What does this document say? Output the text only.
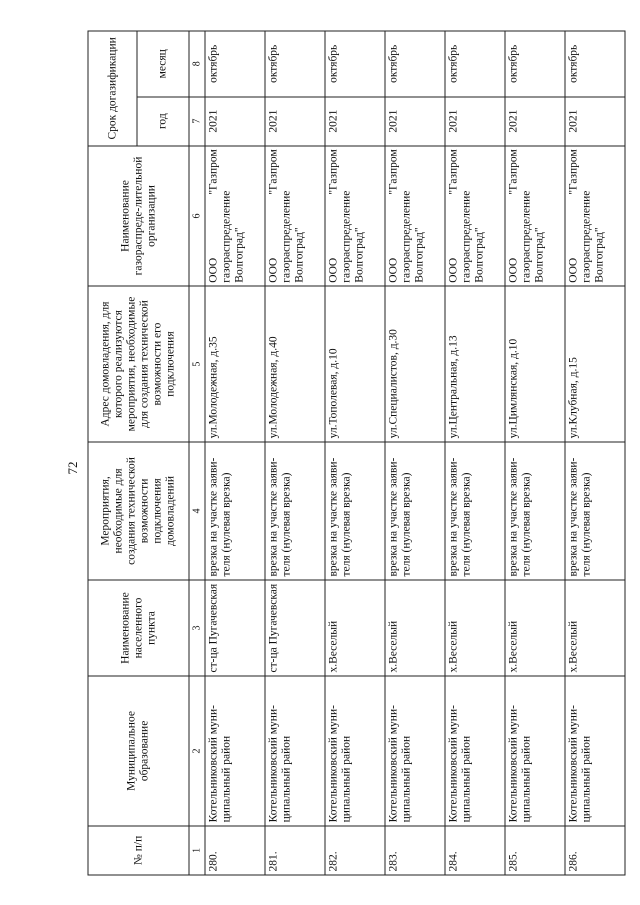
72
№ п/п	Муниципальное образование	Наименование населенного пункта	Мероприятия, необходимые для создания технической возможности подключения домовладений	Адрес домовладения, для которого реализуются мероприятия, необходимые для создания технической возможности его подключения	Наименование газораспреде-лительной организации	Срок догазификации	
						год	месяц
1	2	3	4	5	6	7	8
280.	Котельниковский муни-ципальный район	ст-ца Пугачевская	врезка на участке заяви-теля (нулевая врезка)	ул.Молодежная, д.35	ООО "Газпром газораспределение Волгоград"	2021	октябрь
281.	Котельниковский муни-ципальный район	ст-ца Пугачевская	врезка на участке заяви-теля (нулевая врезка)	ул.Молодежная, д.40	ООО "Газпром газораспределение Волгоград"	2021	октябрь
282.	Котельниковский муни-ципальный район	х.Веселый	врезка на участке заяви-теля (нулевая врезка)	ул.Тополевая, д.10	ООО "Газпром газораспределение Волгоград"	2021	октябрь
283.	Котельниковский муни-ципальный район	х.Веселый	врезка на участке заяви-теля (нулевая врезка)	ул.Специалистов, д.30	ООО "Газпром газораспределение Волгоград"	2021	октябрь
284.	Котельниковский муни-ципальный район	х.Веселый	врезка на участке заяви-теля (нулевая врезка)	ул.Центральная, д.13	ООО "Газпром газораспределение Волгоград"	2021	октябрь
285.	Котельниковский муни-ципальный район	х.Веселый	врезка на участке заяви-теля (нулевая врезка)	ул.Цимлянская, д.10	ООО "Газпром газораспределение Волгоград"	2021	октябрь
286.	Котельниковский муни-ципальный район	х.Веселый	врезка на участке заяви-теля (нулевая врезка)	ул.Клубная, д.15	ООО "Газпром газораспределение Волгоград"	2021	октябрь
